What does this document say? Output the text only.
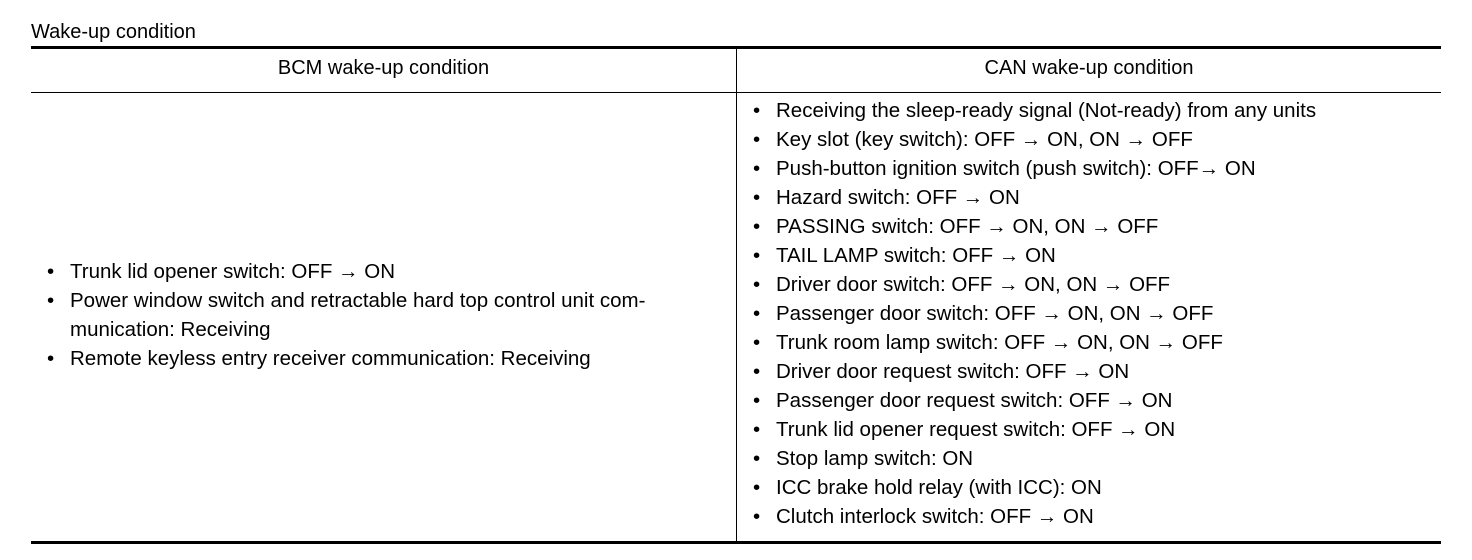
Wake-up condition
BCM wake-up condition	CAN wake-up condition
• Trunk lid opener switch: OFF → ON
• Power window switch and retractable hard top control unit com-munication: Receiving
• Remote keyless entry receiver communication: Receiving
• Receiving the sleep-ready signal (Not-ready) from any units
• Key slot (key switch): OFF → ON, ON → OFF
• Push-button ignition switch (push switch): OFF→ ON
• Hazard switch: OFF → ON
• PASSING switch: OFF → ON, ON → OFF
• TAIL LAMP switch: OFF → ON
• Driver door switch: OFF → ON, ON → OFF
• Passenger door switch: OFF → ON, ON → OFF
• Trunk room lamp switch: OFF → ON, ON → OFF
• Driver door request switch: OFF → ON
• Passenger door request switch: OFF → ON
• Trunk lid opener request switch: OFF → ON
• Stop lamp switch: ON
• ICC brake hold relay (with ICC): ON
• Clutch interlock switch: OFF → ON
